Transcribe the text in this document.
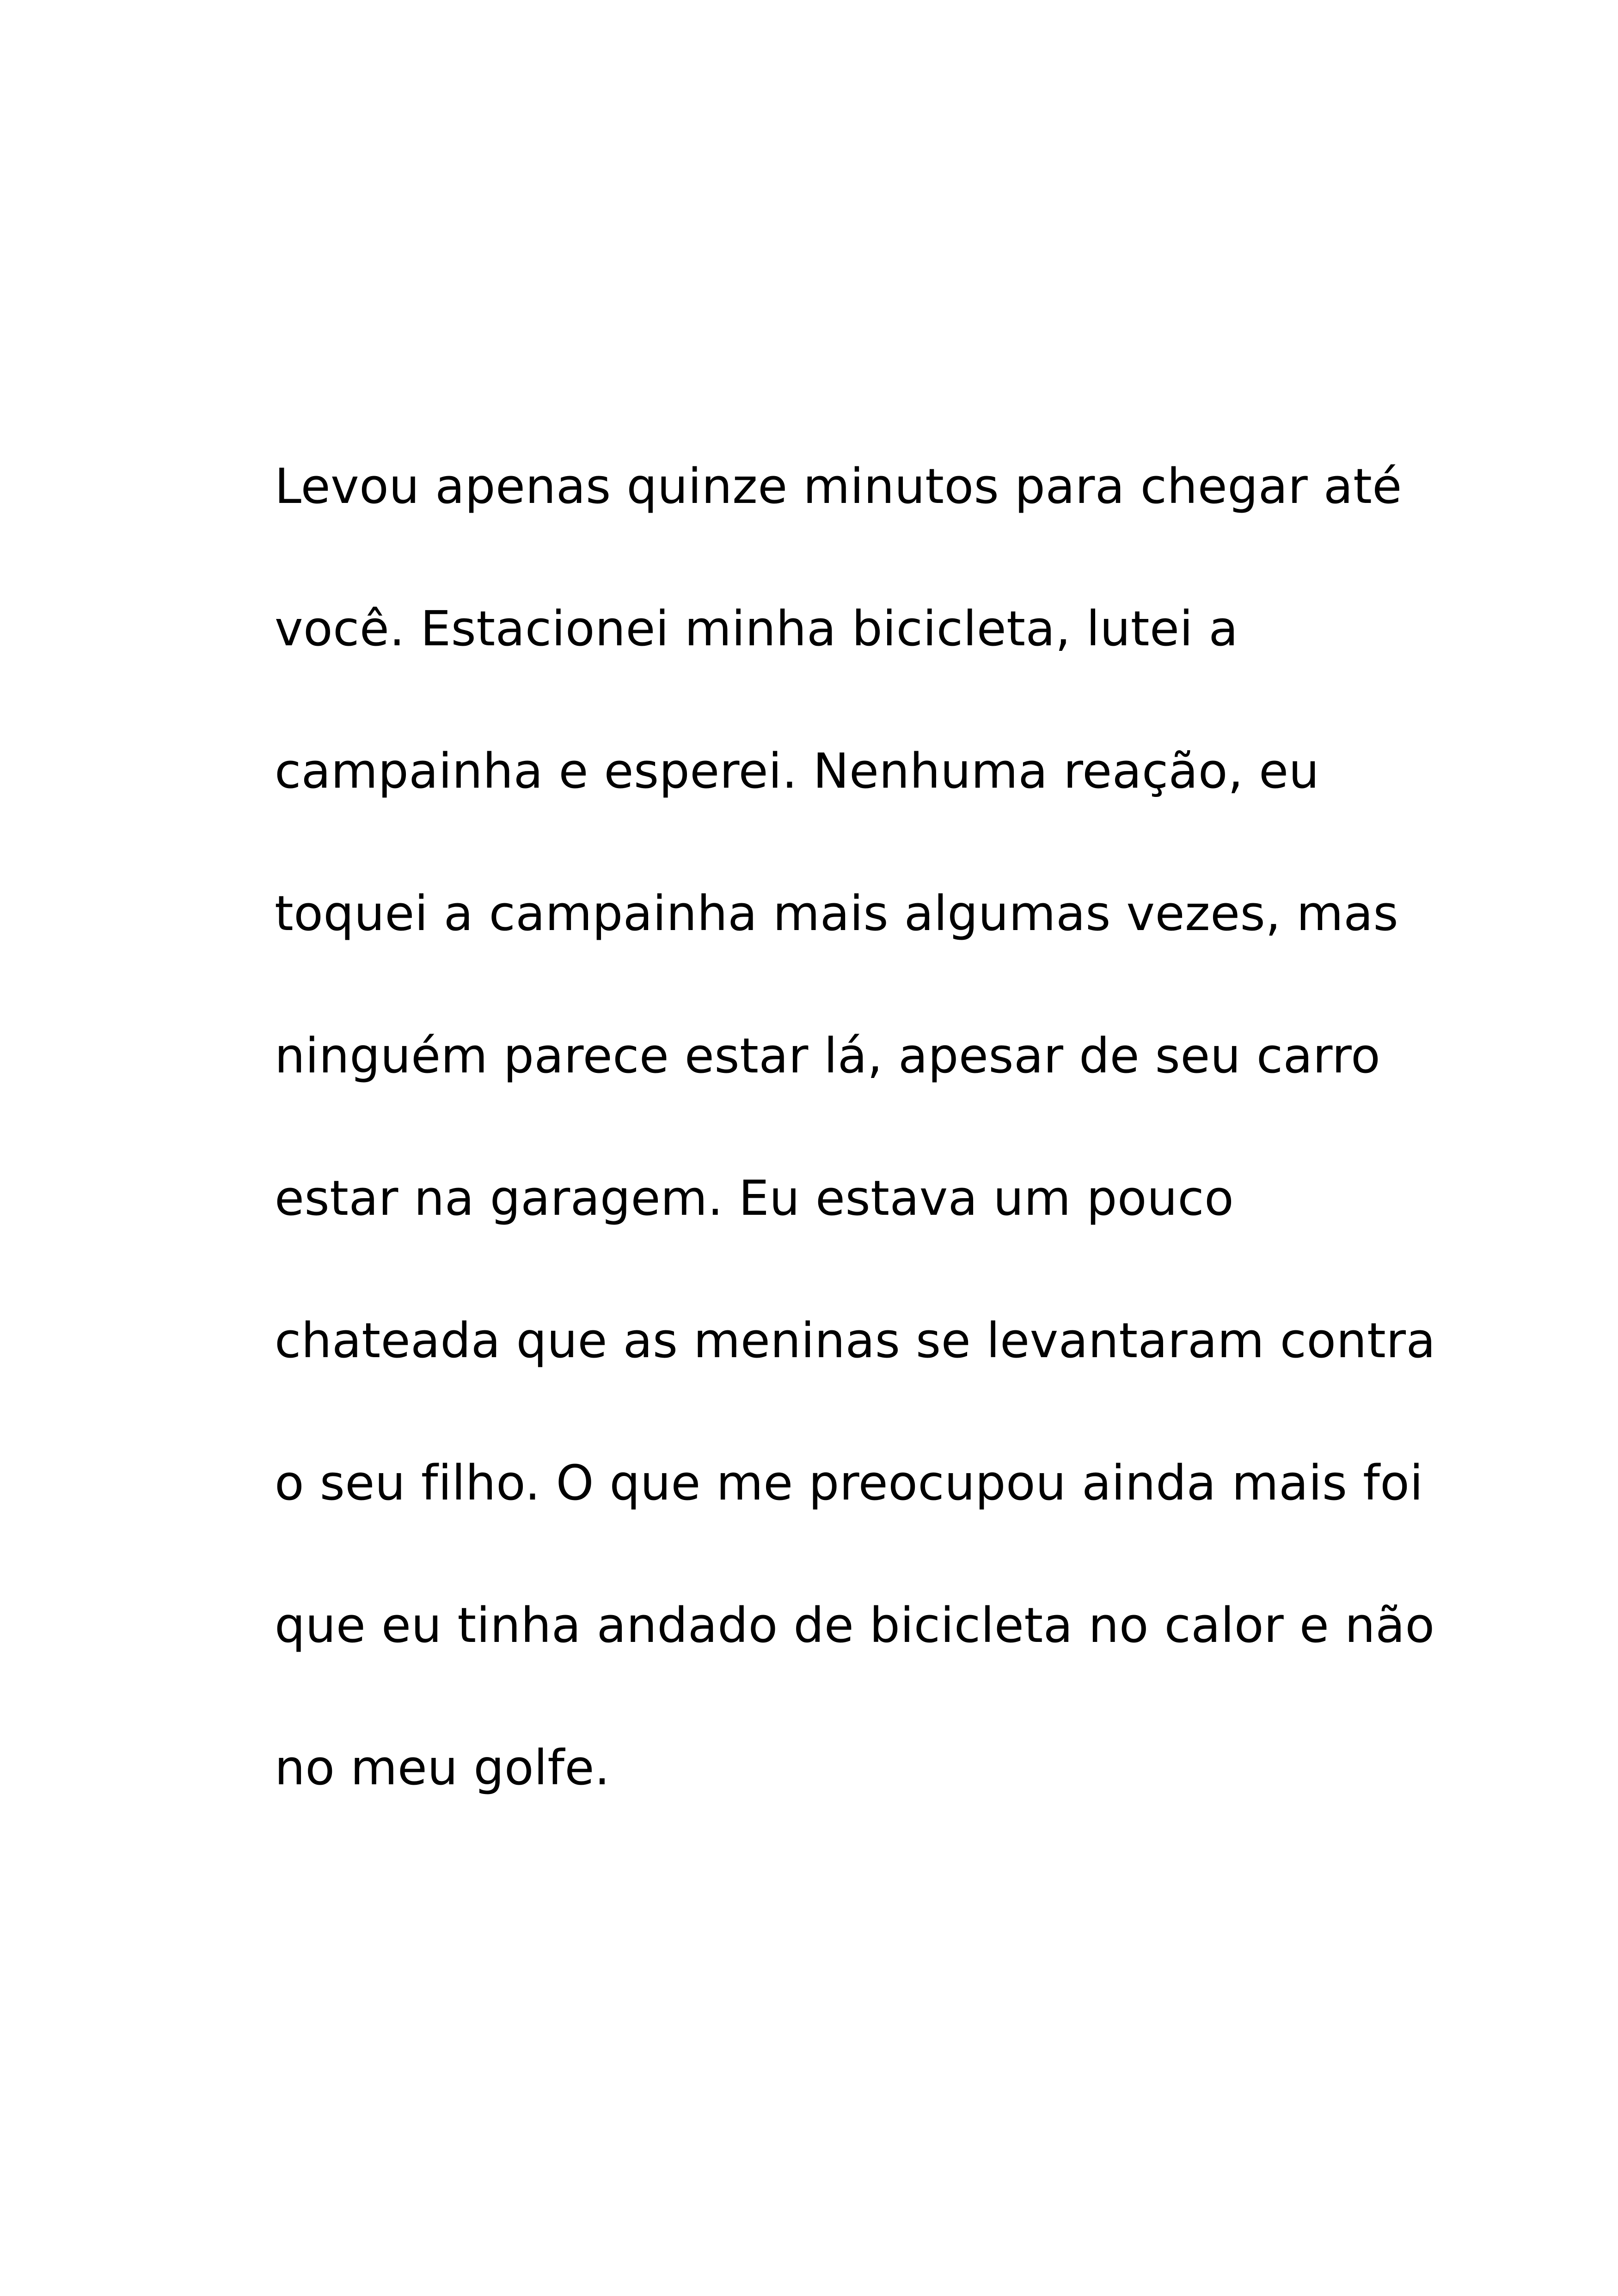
Levou apenas quinze minutos para chegar até
você. Estacionei minha bicicleta, lutei a
campainha e esperei. Nenhuma reação, eu
toquei a campainha mais algumas vezes, mas
ninguém parece estar lá, apesar de seu carro
estar na garagem. Eu estava um pouco
chateada que as meninas se levantaram contra
o seu filho. O que me preocupou ainda mais foi
que eu tinha andado de bicicleta no calor e não
no meu golfe.
